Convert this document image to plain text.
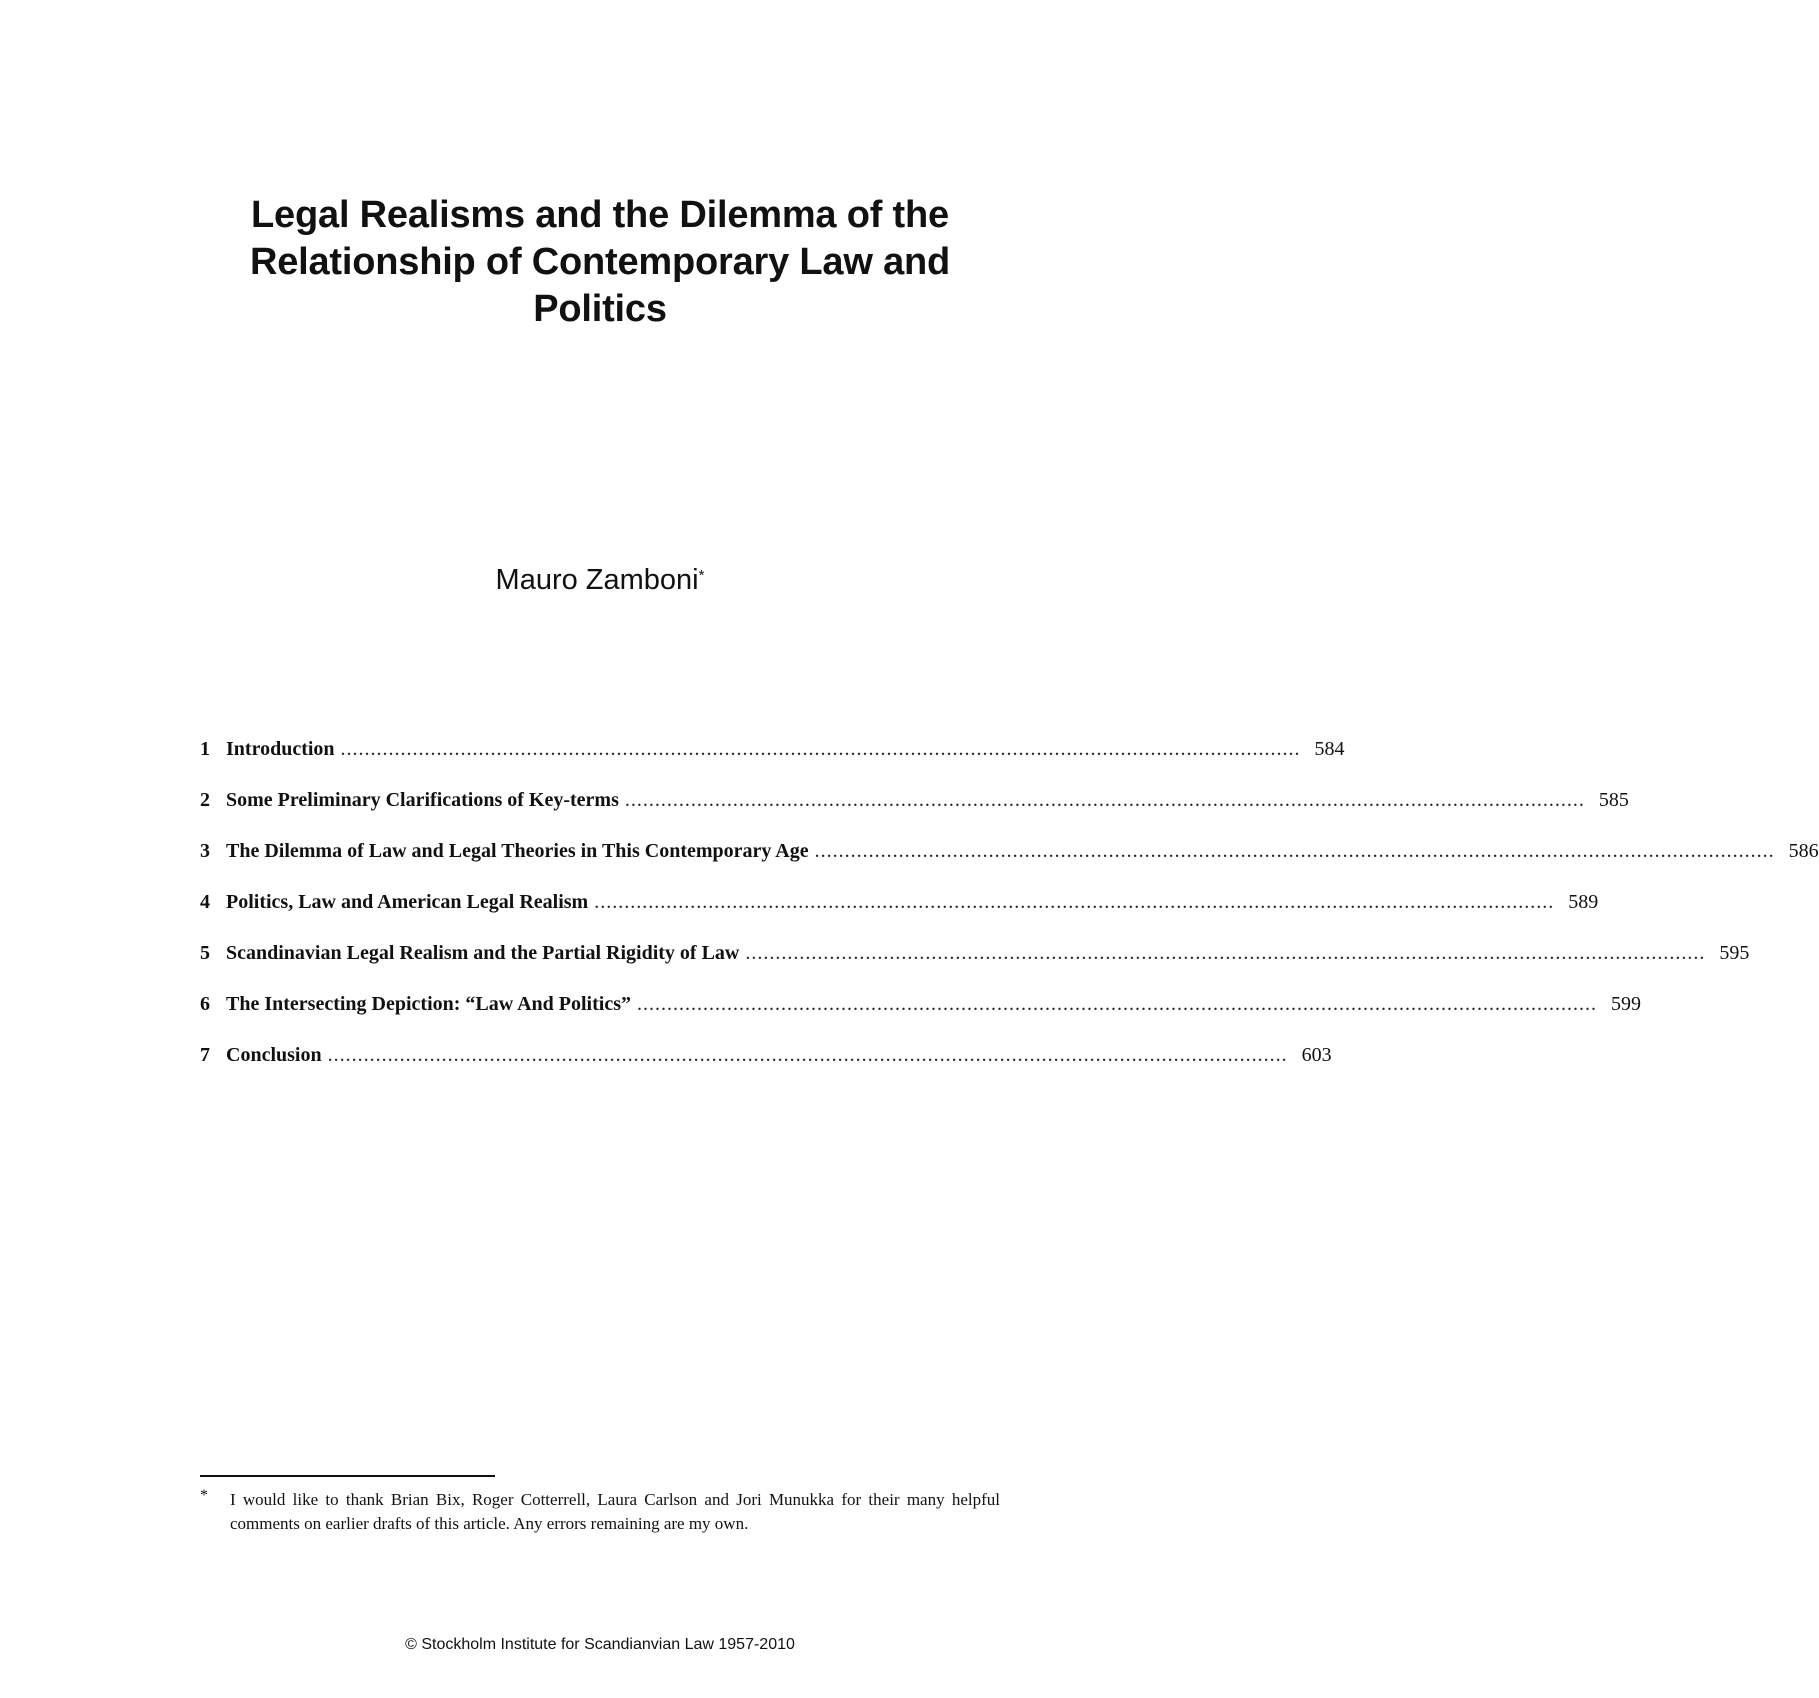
Legal Realisms and the Dilemma of the
Relationship of Contemporary Law and
Politics
Mauro Zamboni*
1 Introduction ................................................................................................................................................................ 584
2 Some Preliminary Clarifications of Key-terms ................................................................................................................................................................ 585
3 The Dilemma of Law and Legal Theories in This Contemporary Age ................................................................................................................................................................ 586
4 Politics, Law and American Legal Realism ................................................................................................................................................................ 589
5 Scandinavian Legal Realism and the Partial Rigidity of Law ................................................................................................................................................................ 595
6 The Intersecting Depiction: “Law And Politics” ................................................................................................................................................................ 599
7 Conclusion ................................................................................................................................................................ 603
* I would like to thank Brian Bix, Roger Cotterrell, Laura Carlson and Jori Munukka for their many helpful comments on earlier drafts of this article. Any errors remaining are my own.
© Stockholm Institute for Scandianvian Law 1957-2010
